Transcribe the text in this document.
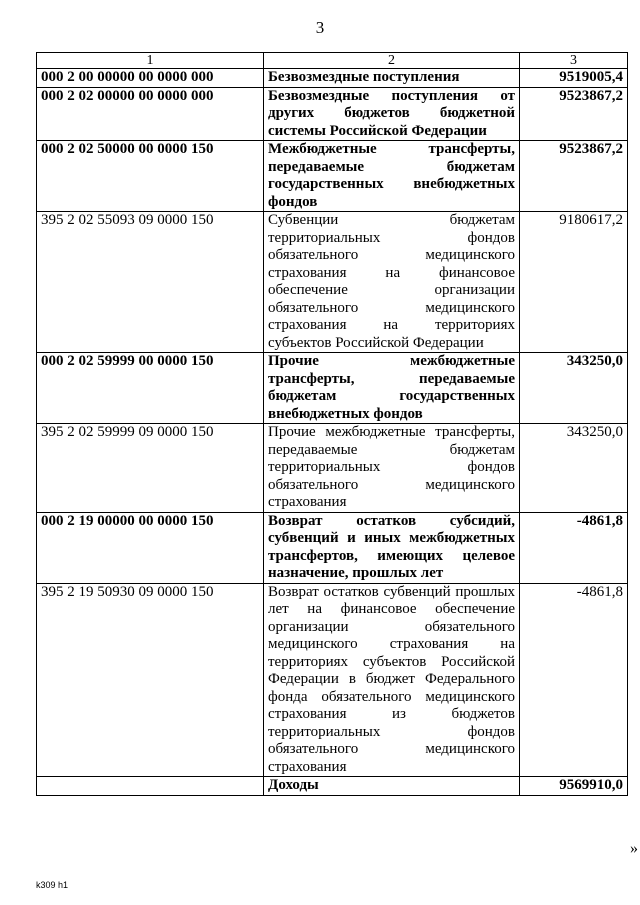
3
1	2	3
000 2 00 00000 00 0000 000	Безвозмездные поступления	9519005,4
000 2 02 00000 00 0000 000	Безвозмездные поступления от других бюджетов бюджетной системы Российской Федерации	9523867,2
000 2 02 50000 00 0000 150	Межбюджетные трансферты, передаваемые бюджетам государственных внебюджетных фондов	9523867,2
395 2 02 55093 09 0000 150	Субвенции бюджетам территориальных фондов обязательного медицинского страхования на финансовое обеспечение организации обязательного медицинского страхования на территориях субъектов Российской Федерации	9180617,2
000 2 02 59999 00 0000 150	Прочие межбюджетные трансферты, передаваемые бюджетам государственных внебюджетных фондов	343250,0
395 2 02 59999 09 0000 150	Прочие межбюджетные трансферты, передаваемые бюджетам территориальных фондов обязательного медицинского страхования	343250,0
000 2 19 00000 00 0000 150	Возврат остатков субсидий, субвенций и иных межбюджетных трансфертов, имеющих целевое назначение, прошлых лет	-4861,8
395 2 19 50930 09 0000 150	Возврат остатков субвенций прошлых лет на финансовое обеспечение организации обязательного медицинского страхования на территориях субъектов Российской Федерации в бюджет Федерального фонда обязательного медицинского страхования из бюджетов территориальных фондов обязательного медицинского страхования	-4861,8
	Доходы	9569910,0
»
k309 h1
